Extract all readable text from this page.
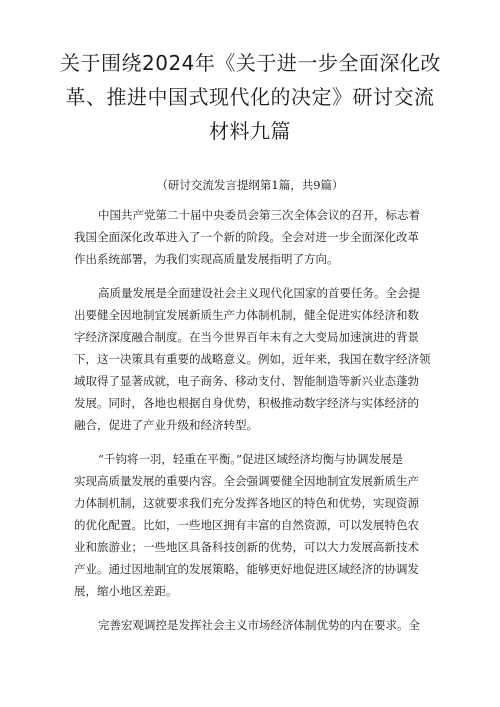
关于围绕2024年《关于进一步全面深化改
革、推进中国式现代化的决定》研讨交流
材料九篇
（研讨交流发言提纲第1篇，共9篇）

中国共产党第二十届中央委员会第三次全体会议的召开，标志着
我国全面深化改革进入了一个新的阶段。全会对进一步全面深化改革
作出系统部署，为我们实现高质量发展指明了方向。

高质量发展是全面建设社会主义现代化国家的首要任务。全会提
出要健全因地制宜发展新质生产力体制机制，健全促进实体经济和数
字经济深度融合制度。在当今世界百年未有之大变局加速演进的背景
下，这一决策具有重要的战略意义。例如，近年来，我国在数字经济领
域取得了显著成就，电子商务、移动支付、智能制造等新兴业态蓬勃
发展。同时，各地也根据自身优势，积极推动数字经济与实体经济的
融合，促进了产业升级和经济转型。

“千钧将一羽，轻重在平衡。”促进区域经济均衡与协调发展是
实现高质量发展的重要内容。全会强调要健全因地制宜发展新质生产
力体制机制，这就要求我们充分发挥各地区的特色和优势，实现资源
的优化配置。比如，一些地区拥有丰富的自然资源，可以发展特色农
业和旅游业；一些地区具备科技创新的优势，可以大力发展高新技术
产业。通过因地制宜的发展策略，能够更好地促进区域经济的协调发
展，缩小地区差距。

完善宏观调控是发挥社会主义市场经济体制优势的内在要求。全
